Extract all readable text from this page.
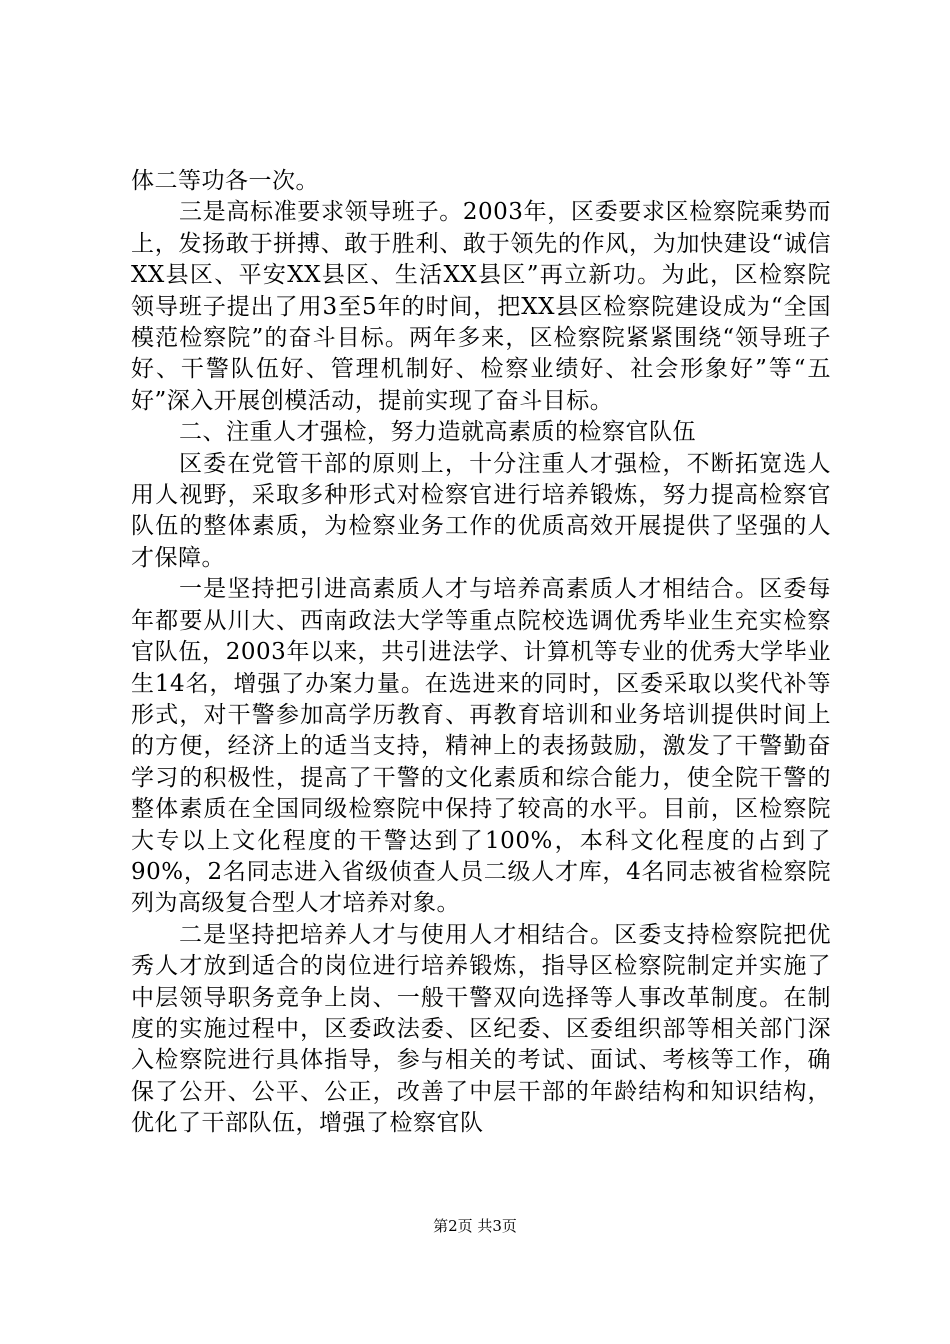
体二等功各一次。

三是高标准要求领导班子。2003年，区委要求区检察院乘势而上，发扬敢于拼搏、敢于胜利、敢于领先的作风，为加快建设“诚信XX县区、平安XX县区、生活XX县区”再立新功。为此，区检察院领导班子提出了用3至5年的时间，把XX县区检察院建设成为“全国模范检察院”的奋斗目标。两年多来，区检察院紧紧围绕“领导班子好、干警队伍好、管理机制好、检察业绩好、社会形象好”等“五好”深入开展创模活动，提前实现了奋斗目标。

二、注重人才强检，努力造就高素质的检察官队伍

区委在党管干部的原则上，十分注重人才强检，不断拓宽选人用人视野，采取多种形式对检察官进行培养锻炼，努力提高检察官队伍的整体素质，为检察业务工作的优质高效开展提供了坚强的人才保障。

一是坚持把引进高素质人才与培养高素质人才相结合。区委每年都要从川大、西南政法大学等重点院校选调优秀毕业生充实检察官队伍，2003年以来，共引进法学、计算机等专业的优秀大学毕业生14名，增强了办案力量。在选进来的同时，区委采取以奖代补等形式，对干警参加高学历教育、再教育培训和业务培训提供时间上的方便，经济上的适当支持，精神上的表扬鼓励，激发了干警勤奋学习的积极性，提高了干警的文化素质和综合能力，使全院干警的整体素质在全国同级检察院中保持了较高的水平。目前，区检察院大专以上文化程度的干警达到了100%，本科文化程度的占到了90%，2名同志进入省级侦查人员二级人才库，4名同志被省检察院列为高级复合型人才培养对象。

二是坚持把培养人才与使用人才相结合。区委支持检察院把优秀人才放到适合的岗位进行培养锻炼，指导区检察院制定并实施了中层领导职务竞争上岗、一般干警双向选择等人事改革制度。在制度的实施过程中，区委政法委、区纪委、区委组织部等相关部门深入检察院进行具体指导，参与相关的考试、面试、考核等工作，确保了公开、公平、公正，改善了中层干部的年龄结构和知识结构，优化了干部队伍，增强了检察官队

第2页 共3页
